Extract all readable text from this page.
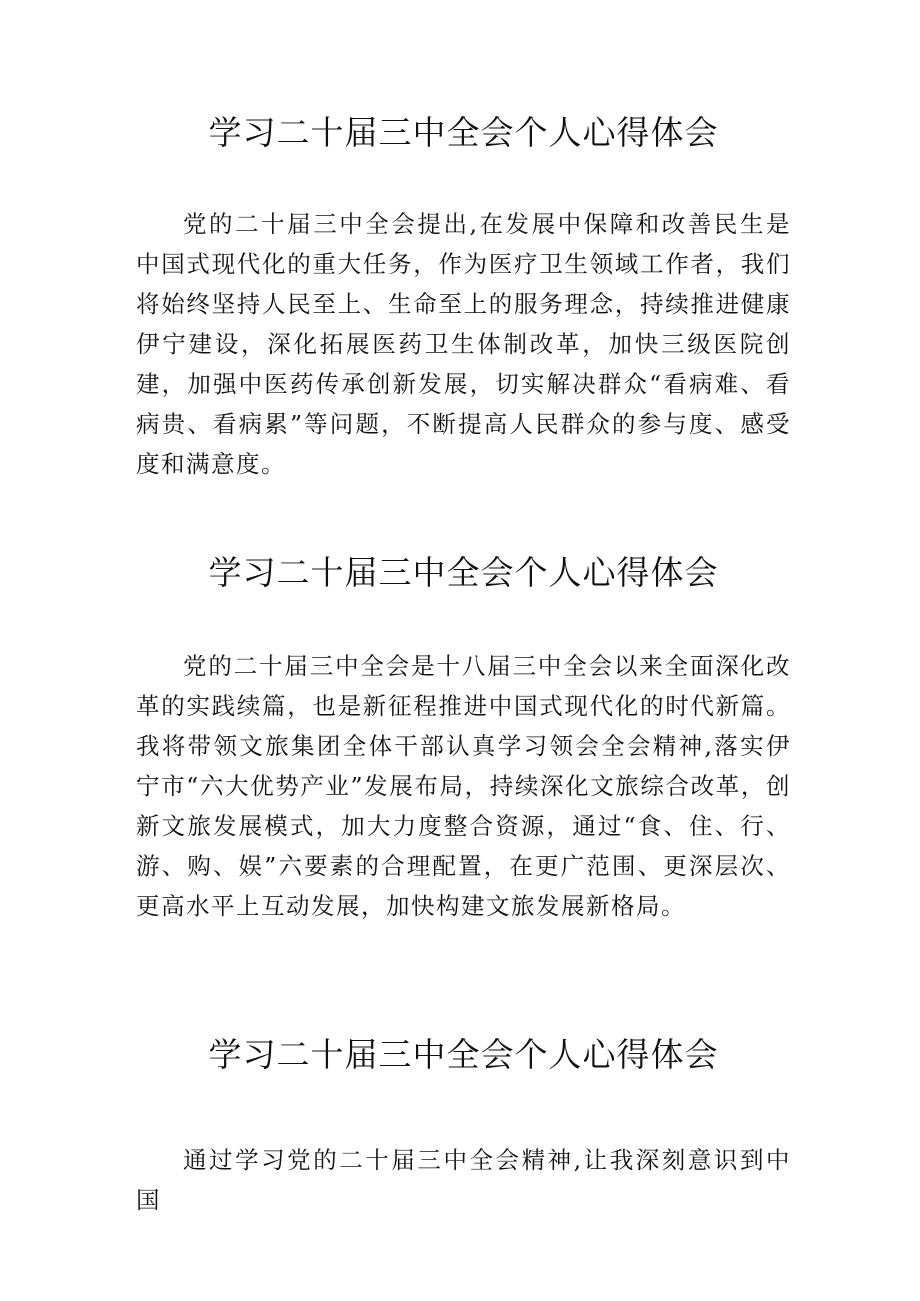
学习二十届三中全会个人心得体会

党的二十届三中全会提出,在发展中保障和改善民生是中国式现代化的重大任务，作为医疗卫生领域工作者，我们将始终坚持人民至上、生命至上的服务理念，持续推进健康伊宁建设，深化拓展医药卫生体制改革，加快三级医院创建，加强中医药传承创新发展，切实解决群众“看病难、看病贵、看病累”等问题，不断提高人民群众的参与度、感受度和满意度。

学习二十届三中全会个人心得体会

党的二十届三中全会是十八届三中全会以来全面深化改革的实践续篇，也是新征程推进中国式现代化的时代新篇。我将带领文旅集团全体干部认真学习领会全会精神,落实伊宁市“六大优势产业”发展布局，持续深化文旅综合改革，创新文旅发展模式，加大力度整合资源，通过“食、住、行、游、购、娱”六要素的合理配置，在更广范围、更深层次、更高水平上互动发展，加快构建文旅发展新格局。

学习二十届三中全会个人心得体会

通过学习党的二十届三中全会精神,让我深刻意识到中国
